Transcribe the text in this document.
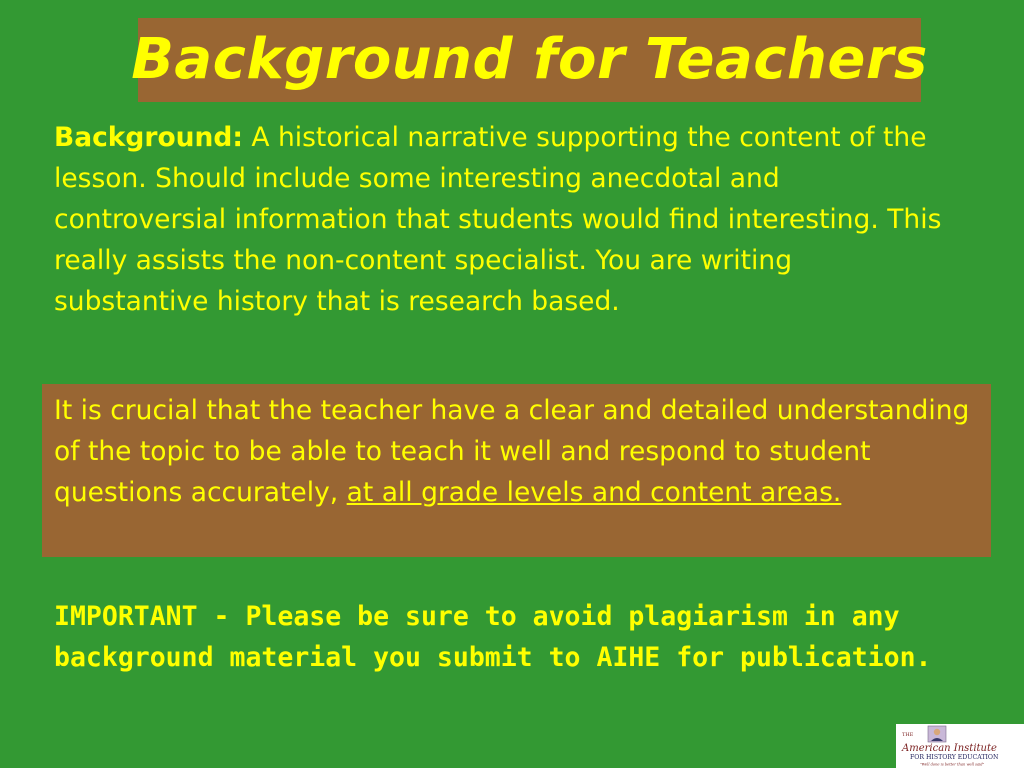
Background for Teachers

Background: A historical narrative supporting the content of the lesson. Should include some interesting anecdotal and controversial information that students would find interesting. This really assists the non-content specialist. You are writing substantive history that is research based.

It is crucial that the teacher have a clear and detailed understanding of the topic to be able to teach it well and respond to student questions accurately, at all grade levels and content areas.

IMPORTANT - Please be sure to avoid plagiarism in any background material you submit to AIHE for publication.

THE
American Institute
FOR HISTORY EDUCATION
"Well done is better than well said"
